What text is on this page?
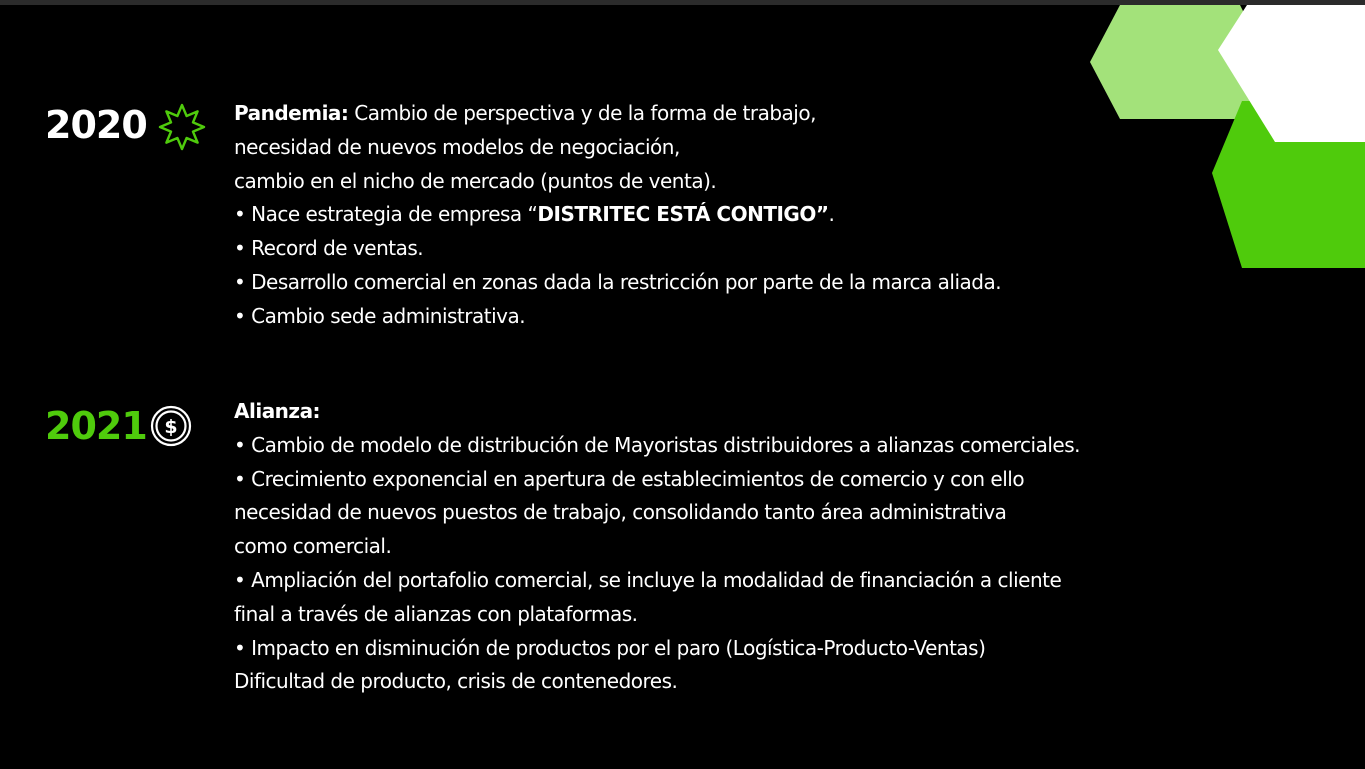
2020	Pandemia: Cambio de perspectiva y de la forma de trabajo,
necesidad de nuevos modelos de negociación,
cambio en el nicho de mercado (puntos de venta).
• Nace estrategia de empresa “DISTRITEC ESTÁ CONTIGO”.
• Record de ventas.
• Desarrollo comercial en zonas dada la restricción por parte de la marca aliada.
• Cambio sede administrativa.
2021 $
Alianza:
• Cambio de modelo de distribución de Mayoristas distribuidores a alianzas comerciales.
• Crecimiento exponencial en apertura de establecimientos de comercio y con ello
necesidad de nuevos puestos de trabajo, consolidando tanto área administrativa
como comercial.
• Ampliación del portafolio comercial, se incluye la modalidad de financiación a cliente
final a través de alianzas con plataformas.
• Impacto en disminución de productos por el paro (Logística-Producto-Ventas)
Dificultad de producto, crisis de contenedores.
